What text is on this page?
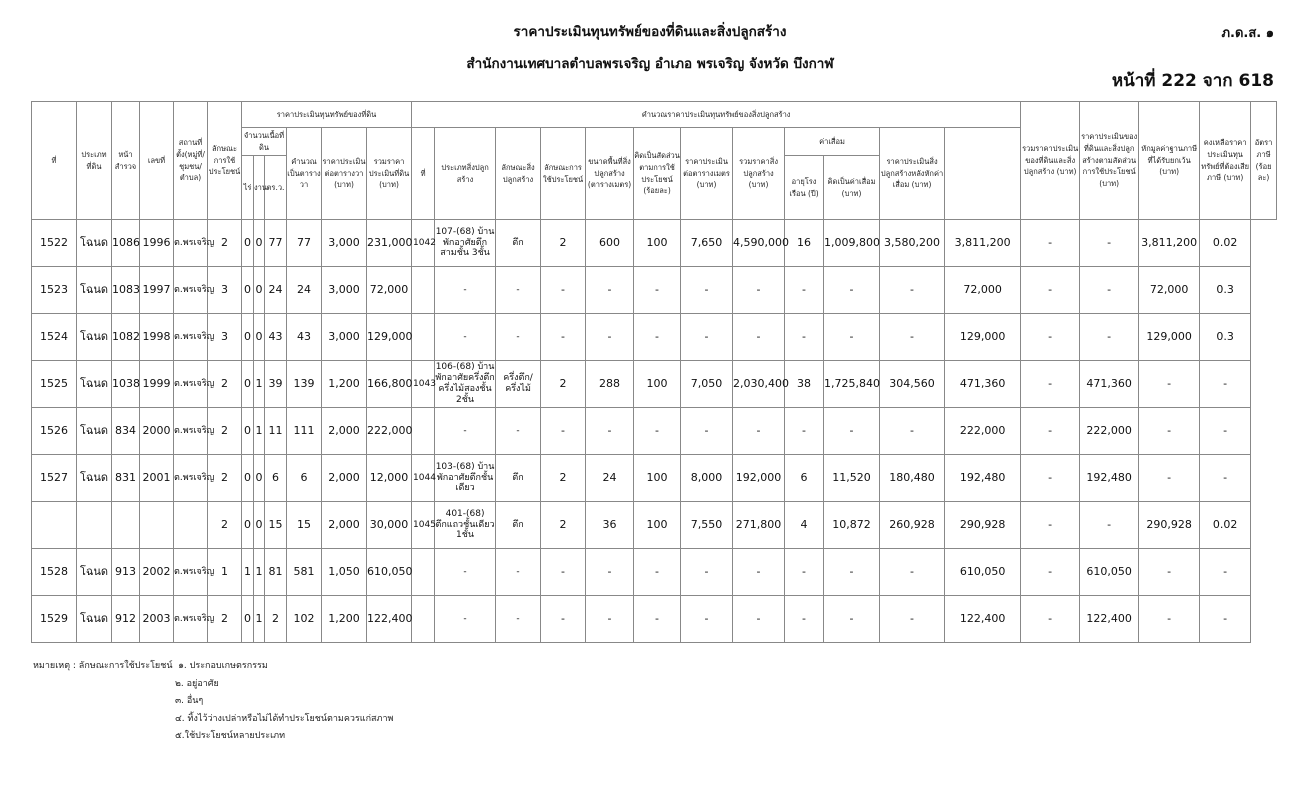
ราคาประเมินทุนทรัพย์ของที่ดินและสิ่งปลูกสร้าง
สำนักงานเทศบาลตำบลพรเจริญ อำเภอ พรเจริญ จังหวัด บึงกาฬ
ภ.ด.ส. ๑
หน้าที่ 222 จาก 618
ที่	ประเภทที่ดิน	หน้าสำรวจ	เลขที่	สถานที่ตั้ง(หมู่ที่/ชุมชน/ตำบล)	ลักษณะการใช้ประโยชน์	ราคาประเมินทุนทรัพย์ของที่ดิน						คำนวณราคาประเมินทุนทรัพย์ของสิ่งปลูกสร้าง												รวมราคาประเมินของที่ดินและสิ่งปลูกสร้าง (บาท)	ราคาประเมินของที่ดินและสิ่งปลูกสร้างตามสัดส่วนการใช้ประโยชน์ (บาท)	หักมูลค่าฐานภาษีที่ได้รับยกเว้น (บาท)	คงเหลือราคาประเมินทุนทรัพย์ที่ต้องเสียภาษี (บาท)	อัตราภาษี (ร้อยละ)
						จำนวนเนื้อที่ดิน			คำนวณเป็นตารางวา	ราคาประเมินต่อตารางวา (บาท)	รวมราคาประเมินที่ดิน (บาท)	ที่	ประเภทสิ่งปลูกสร้าง	ลักษณะสิ่งปลูกสร้าง	ลักษณะการใช้ประโยชน์	ขนาดพื้นที่สิ่งปลูกสร้าง (ตารางเมตร)	คิดเป็นสัดส่วนตามการใช้ประโยชน์ (ร้อยละ)	ราคาประเมินต่อตารางเมตร (บาท)	รวมราคาสิ่งปลูกสร้าง (บาท)	ค่าเสื่อม		ราคาประเมินสิ่งปลูกสร้างหลังหักค่าเสื่อม (บาท)						
						ไร่	งาน	ตร.ว.												อายุโรงเรือน (ปี)	คิดเป็นค่าเสื่อม (บาท)							
1522	โฉนด	1086	1996	ต.พรเจริญ	2	0	0	77	77	3,000	231,000	1042	107-(68) บ้านพักอาศัยตึกสามชั้น 3ชั้น	ตึก	2	600	100	7,650	4,590,000	16	1,009,800	3,580,200	3,811,200	-	-	3,811,200	0.02	
1523	โฉนด	1083	1997	ต.พรเจริญ	3	0	0	24	24	3,000	72,000		-	-	-	-	-	-	-	-	-	-	72,000	-	-	72,000	0.3	
1524	โฉนด	1082	1998	ต.พรเจริญ	3	0	0	43	43	3,000	129,000		-	-	-	-	-	-	-	-	-	-	129,000	-	-	129,000	0.3	
1525	โฉนด	1038	1999	ต.พรเจริญ	2	0	1	39	139	1,200	166,800	1043	106-(68) บ้านพักอาศัยครึ่งตึกครึ่งไม้สองชั้น 2ชั้น	ครึ่งตึก/ครึ่งไม้	2	288	100	7,050	2,030,400	38	1,725,840	304,560	471,360	-	471,360	-	-	
1526	โฉนด	834	2000	ต.พรเจริญ	2	0	1	11	111	2,000	222,000		-	-	-	-	-	-	-	-	-	-	222,000	-	222,000	-	-	
1527	โฉนด	831	2001	ต.พรเจริญ	2	0	0	6	6	2,000	12,000	1044	103-(68) บ้านพักอาศัยตึกชั้นเดียว	ตึก	2	24	100	8,000	192,000	6	11,520	180,480	192,480	-	192,480	-	-	
					2	0	0	15	15	2,000	30,000	1045	401-(68) ตึกแถวชั้นเดียว 1ชั้น	ตึก	2	36	100	7,550	271,800	4	10,872	260,928	290,928	-	-	290,928	0.02	
1528	โฉนด	913	2002	ต.พรเจริญ	1	1	1	81	581	1,050	610,050		-	-	-	-	-	-	-	-	-	-	610,050	-	610,050	-	-	
1529	โฉนด	912	2003	ต.พรเจริญ	2	0	1	2	102	1,200	122,400		-	-	-	-	-	-	-	-	-	-	122,400	-	122,400	-	-	
หมายเหตุ : ลักษณะการใช้ประโยชน์ ๑. ประกอบเกษตรกรรม
๒. อยู่อาศัย
๓. อื่นๆ
๔. ทิ้งไว้ว่างเปล่าหรือไม่ได้ทำประโยชน์ตามควรแก่สภาพ
๕.ใช้ประโยชน์หลายประเภท
